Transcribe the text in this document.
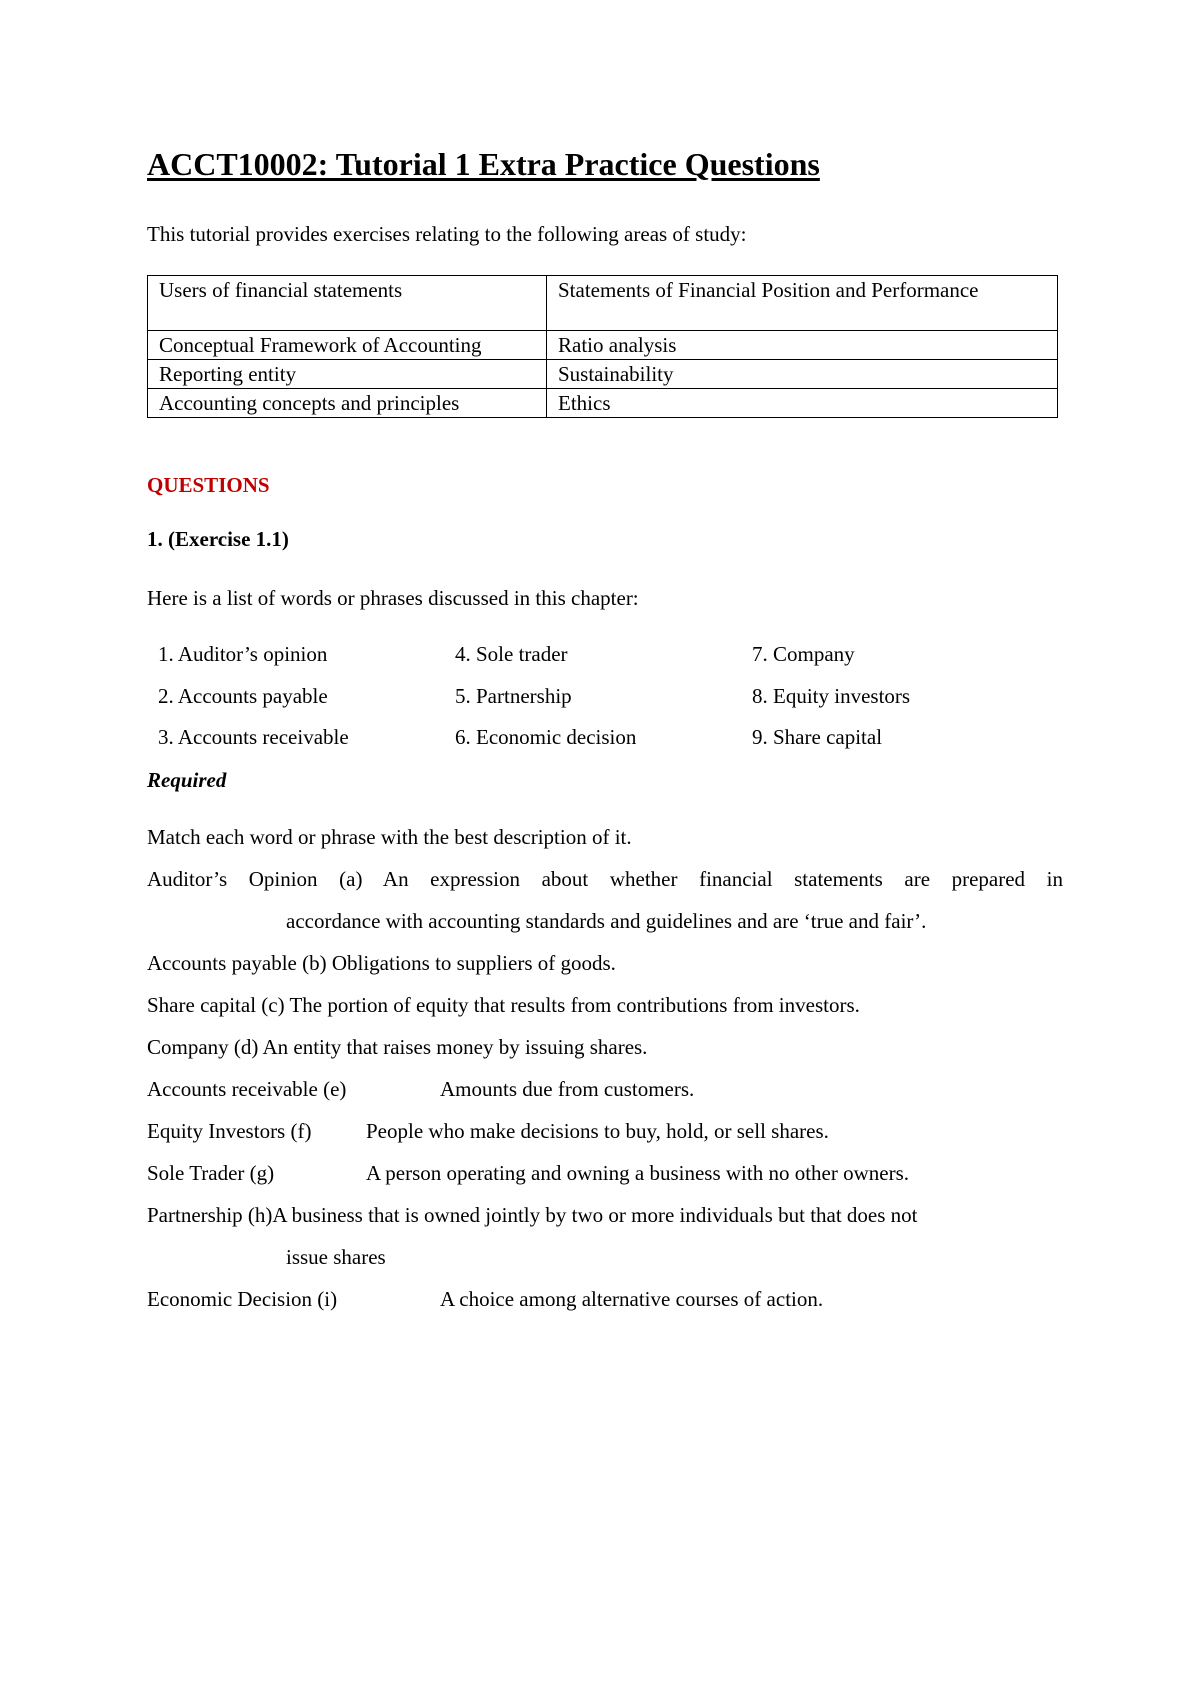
ACCT10002: Tutorial 1 Extra Practice Questions
This tutorial provides exercises relating to the following areas of study:
Users of financial statements	Statements of Financial Position and Performance
Conceptual Framework of Accounting	Ratio analysis
Reporting entity	Sustainability
Accounting concepts and principles	Ethics
QUESTIONS
1. (Exercise 1.1)
Here is a list of words or phrases discussed in this chapter:
1. Auditor’s opinion
2. Accounts payable
3. Accounts receivable
4. Sole trader
5. Partnership
6. Economic decision
7. Company
8. Equity investors
9. Share capital
Required
Match each word or phrase with the best description of it.
Auditor’s Opinion (a) An expression about whether financial statements are prepared in
accordance with accounting standards and guidelines and are ‘true and fair’.
Accounts payable (b) Obligations to suppliers of goods.
Share capital (c) The portion of equity that results from contributions from investors.
Company (d) An entity that raises money by issuing shares.
Accounts receivable (e)	Amounts due from customers.
Equity Investors (f)	People who make decisions to buy, hold, or sell shares.
Sole Trader (g)	A person operating and owning a business with no other owners.
Partnership (h)A business that is owned jointly by two or more individuals but that does not
issue shares
Economic Decision (i)	A choice among alternative courses of action.
